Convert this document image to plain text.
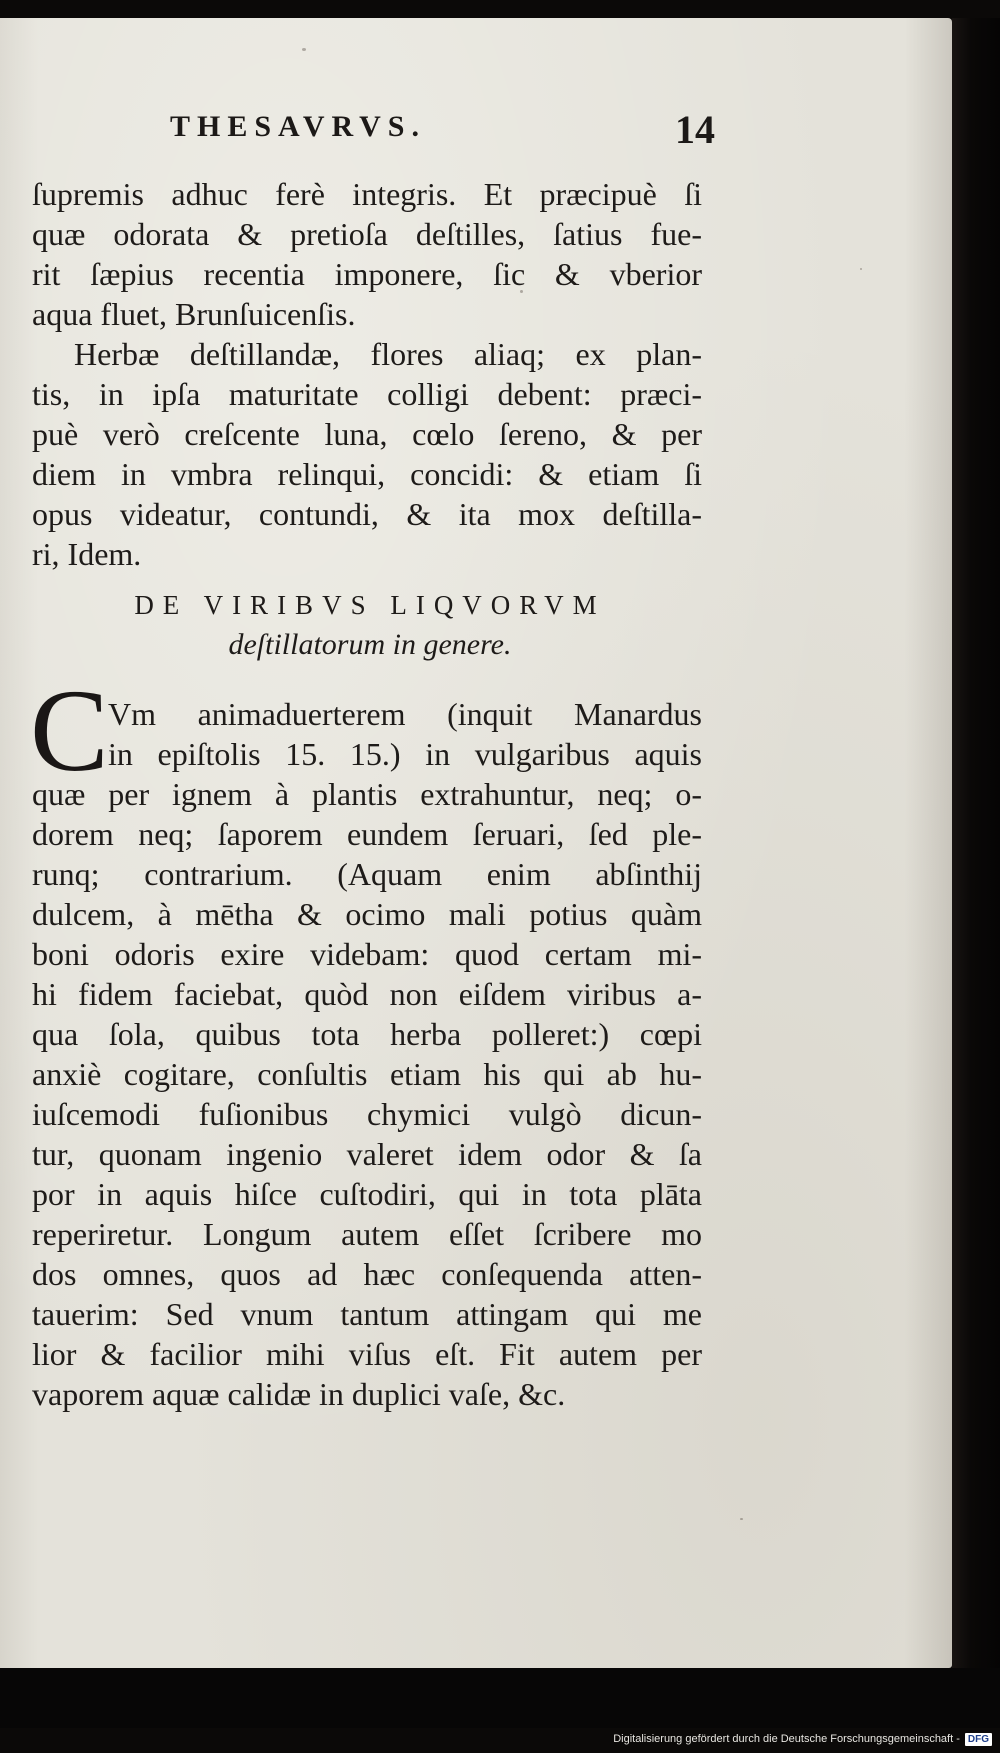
THESAVRVS.	14
ſupremis adhuc ferè integris. Et præcipuè ſi
quæ odorata & pretioſa deſtilles, ſatius fue-
rit ſæpius recentia imponere, ſic & vberior
aqua fluet, Brunſuicenſis.
Herbæ deſtillandæ, flores aliaq; ex plan-
tis, in ipſa maturitate colligi debent: præci-
puè verò creſcente luna, cœlo ſereno, & per
diem in vmbra relinqui, concidi: & etiam ſi
opus videatur, contundi, & ita mox deſtilla-
ri, Idem.
DE VIRIBVS LIQVORVM
deſtillatorum in genere.
C Vm animaduerterem (inquit Manardus
in epiſtolis 15. 15.) in vulgaribus aquis
quæ per ignem à plantis extrahuntur, neq; o-
dorem neq; ſaporem eundem ſeruari, ſed ple-
runq; contrarium. (Aquam enim abſinthij
dulcem, à mētha & ocimo mali potius quàm
boni odoris exire videbam: quod certam mi-
hi fidem faciebat, quòd non eiſdem viribus a-
qua ſola, quibus tota herba polleret:) cœpi
anxiè cogitare, conſultis etiam his qui ab hu-
iuſcemodi fuſionibus chymici vulgò dicun-
tur, quonam ingenio valeret idem odor & ſa
por in aquis hiſce cuſtodiri, qui in tota plāta
reperiretur. Longum autem eſſet ſcribere mo
dos omnes, quos ad hæc conſequenda atten-
tauerim: Sed vnum tantum attingam qui me
lior & facilior mihi viſus eſt. Fit autem per
vaporem aquæ calidæ in duplici vaſe, &c.
Digitalisierung gefördert durch die Deutsche Forschungsgemeinschaft - DFG
